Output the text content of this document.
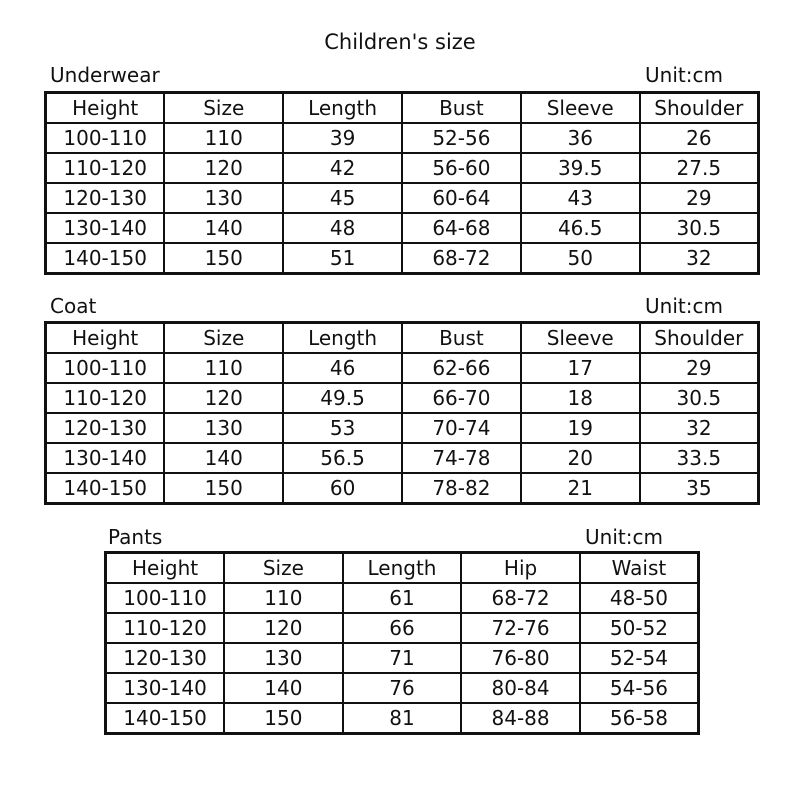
Children's size
Underwear	Unit:cm
Height	Size	Length	Bust	Sleeve	Shoulder
100-110	110	39	52-56	36	26
110-120	120	42	56-60	39.5	27.5
120-130	130	45	60-64	43	29
130-140	140	48	64-68	46.5	30.5
140-150	150	51	68-72	50	32
Coat	Unit:cm
Height	Size	Length	Bust	Sleeve	Shoulder
100-110	110	46	62-66	17	29
110-120	120	49.5	66-70	18	30.5
120-130	130	53	70-74	19	32
130-140	140	56.5	74-78	20	33.5
140-150	150	60	78-82	21	35
Pants	Unit:cm
Height	Size	Length	Hip	Waist
100-110	110	61	68-72	48-50
110-120	120	66	72-76	50-52
120-130	130	71	76-80	52-54
130-140	140	76	80-84	54-56
140-150	150	81	84-88	56-58
